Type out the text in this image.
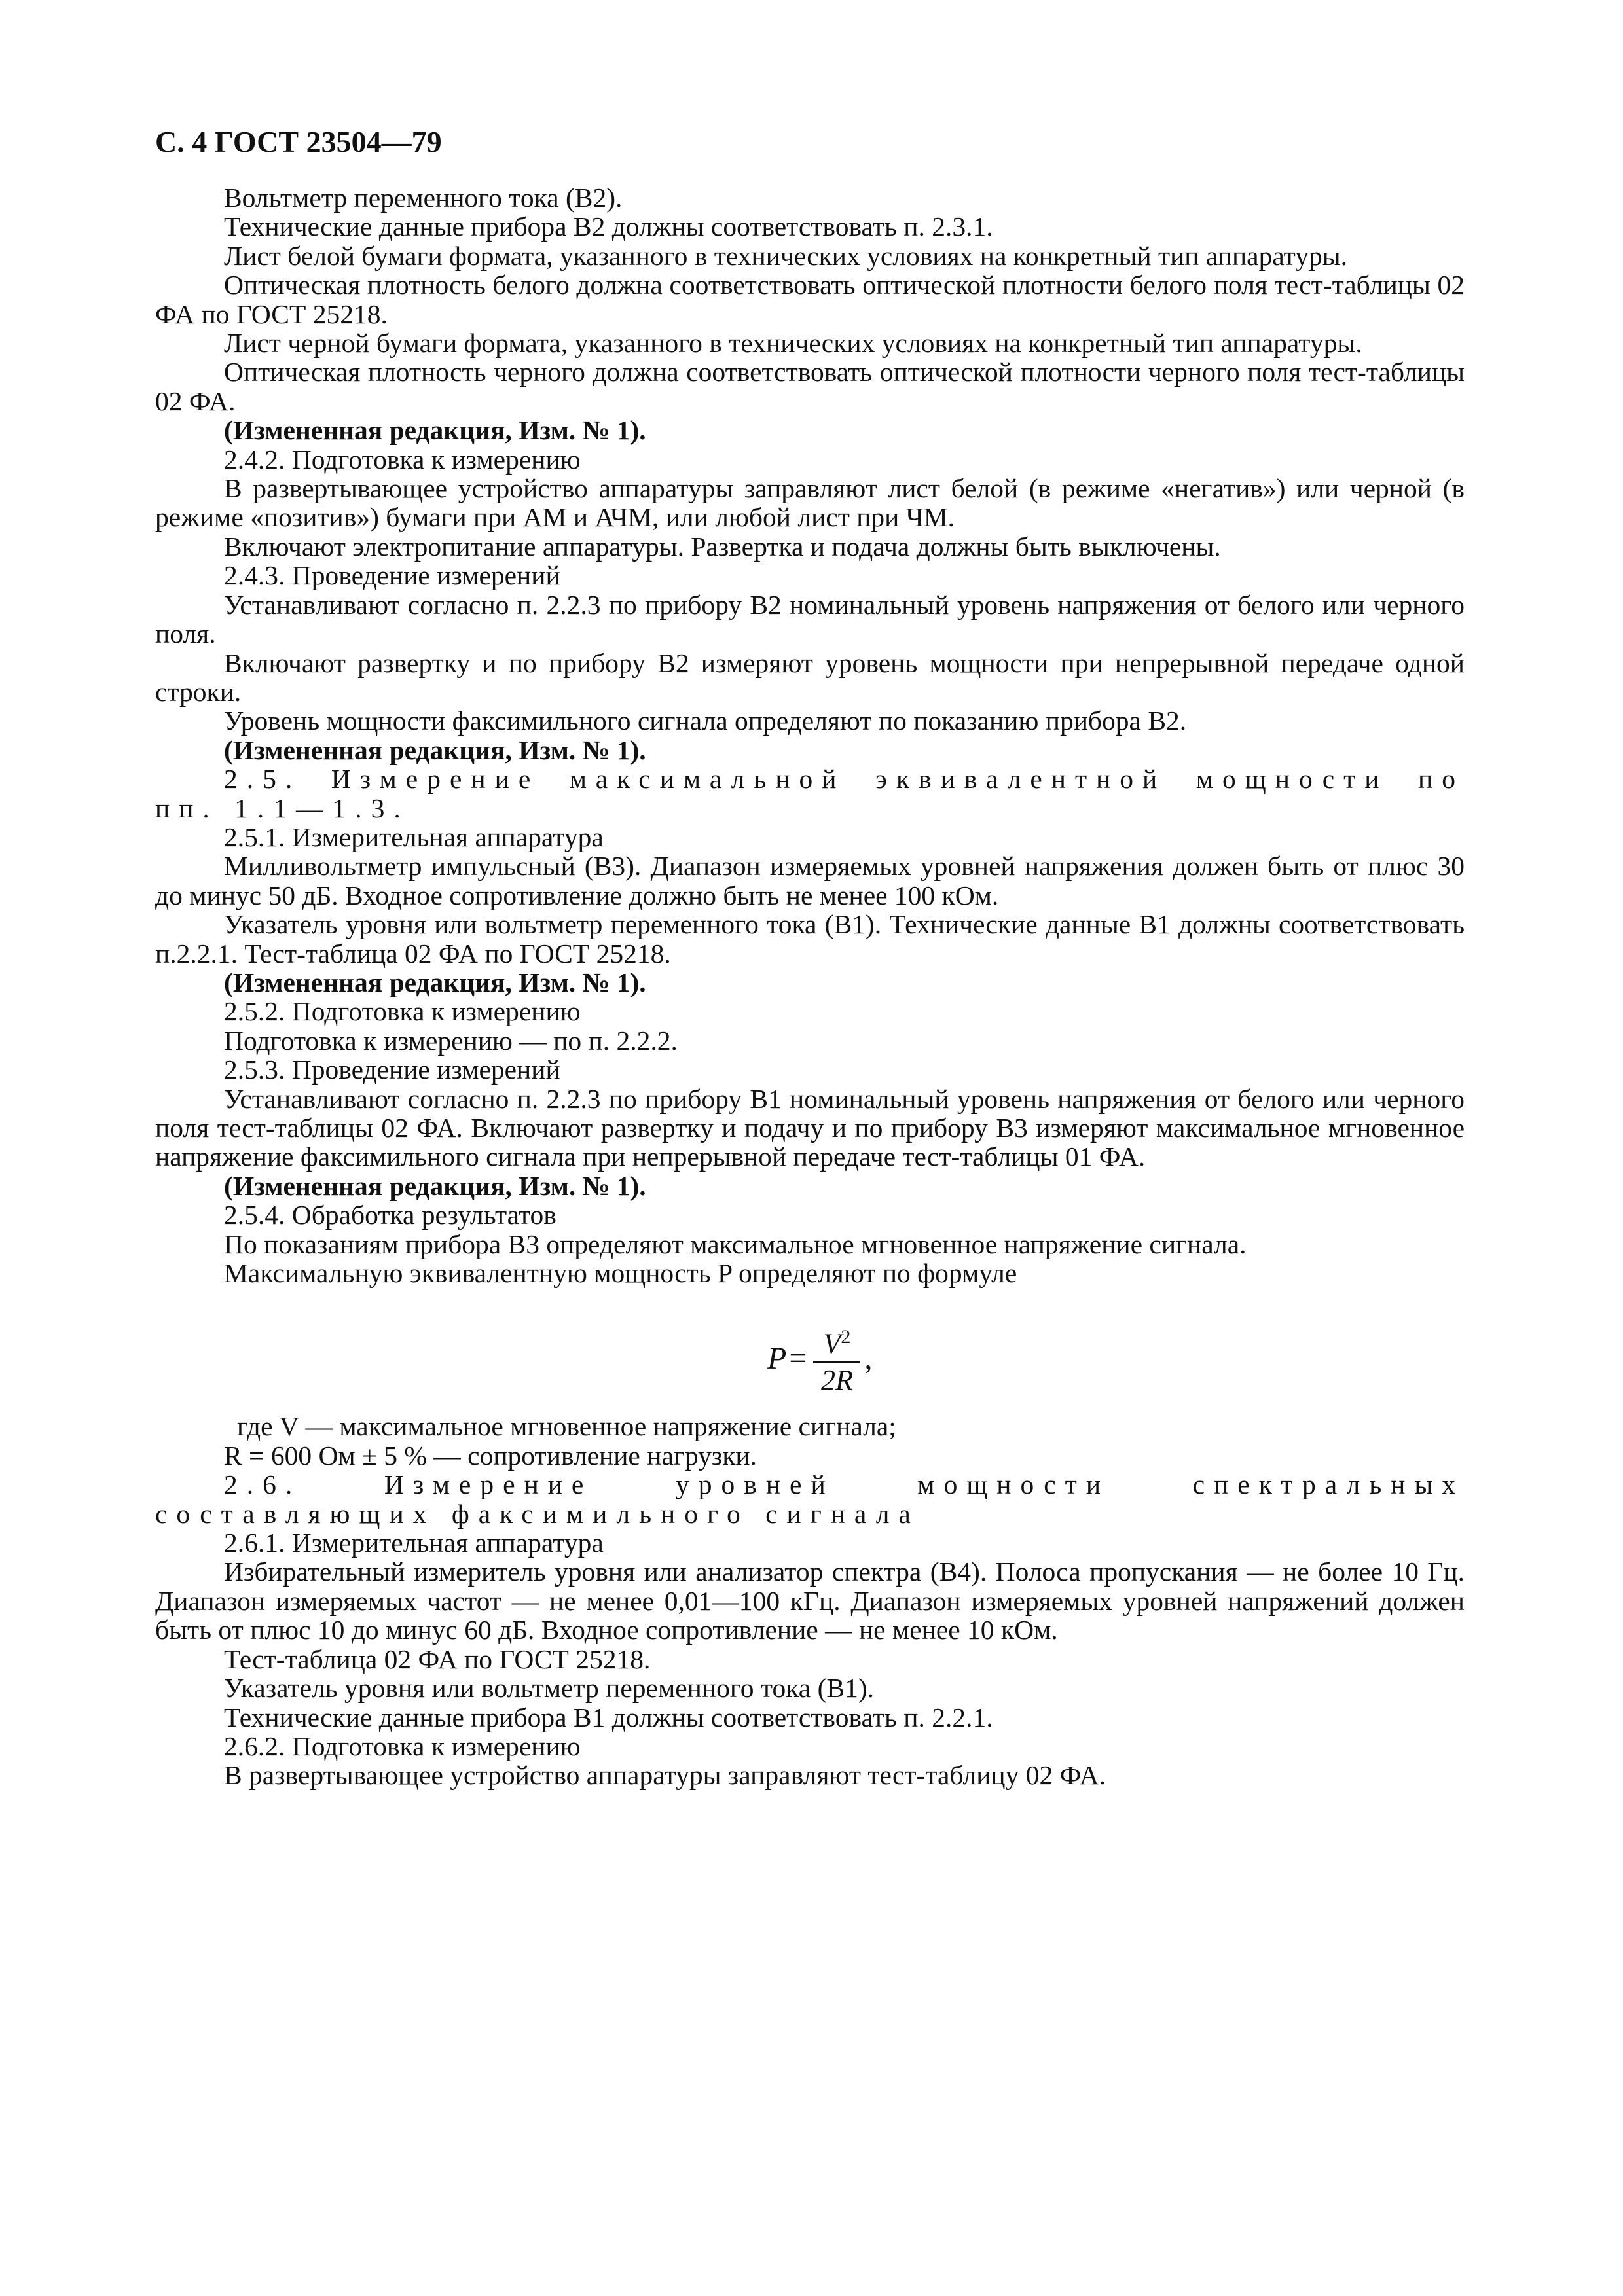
С. 4 ГОСТ 23504—79

Вольтметр переменного тока (В2).

Технические данные прибора В2 должны соответствовать п. 2.3.1.

Лист белой бумаги формата, указанного в технических условиях на конкретный тип аппаратуры.

Оптическая плотность белого должна соответствовать оптической плотности белого поля тест-таблицы 02 ФА по ГОСТ 25218.

Лист черной бумаги формата, указанного в технических условиях на конкретный тип аппаратуры.

Оптическая плотность черного должна соответствовать оптической плотности черного поля тест-таблицы 02 ФА.

(Измененная редакция, Изм. № 1).

2.4.2. Подготовка к измерению

В развертывающее устройство аппаратуры заправляют лист белой (в режиме «негатив») или черной (в режиме «позитив») бумаги при АМ и АЧМ, или любой лист при ЧМ.

Включают электропитание аппаратуры. Развертка и подача должны быть выключены.

2.4.3. Проведение измерений

Устанавливают согласно п. 2.2.3 по прибору В2 номинальный уровень напряжения от белого или черного поля.

Включают развертку и по прибору В2 измеряют уровень мощности при непрерывной передаче одной строки.

Уровень мощности факсимильного сигнала определяют по показанию прибора В2.

(Измененная редакция, Изм. № 1).

2.5. Измерение максимальной эквивалентной мощности по пп. 1.1—1.3.

2.5.1. Измерительная аппаратура

Милливольтметр импульсный (В3). Диапазон измеряемых уровней напряжения должен быть от плюс 30 до минус 50 дБ. Входное сопротивление должно быть не менее 100 кОм.

Указатель уровня или вольтметр переменного тока (В1). Технические данные В1 должны соответствовать п.2.2.1. Тест-таблица 02 ФА по ГОСТ 25218.

(Измененная редакция, Изм. № 1).

2.5.2. Подготовка к измерению

Подготовка к измерению — по п. 2.2.2.

2.5.3. Проведение измерений

Устанавливают согласно п. 2.2.3 по прибору В1 номинальный уровень напряжения от белого или черного поля тест-таблицы 02 ФА. Включают развертку и подачу и по прибору В3 измеряют максимальное мгновенное напряжение факсимильного сигнала при непрерывной передаче тест-таблицы 01 ФА.

(Измененная редакция, Изм. № 1).

2.5.4. Обработка результатов

По показаниям прибора В3 определяют максимальное мгновенное напряжение сигнала.

Максимальную эквивалентную мощность P определяют по формуле

$P = \frac{V^2}{2R}$ ,

где V — максимальное мгновенное напряжение сигнала;

R = 600 Ом ± 5 % — сопротивление нагрузки.

2.6. Измерение уровней мощности спектральных составляющих факсимильного сигнала

2.6.1. Измерительная аппаратура

Избирательный измеритель уровня или анализатор спектра (В4). Полоса пропускания — не более 10 Гц. Диапазон измеряемых частот — не менее 0,01—100 кГц. Диапазон измеряемых уровней напряжений должен быть от плюс 10 до минус 60 дБ. Входное сопротивление — не менее 10 кОм.

Тест-таблица 02 ФА по ГОСТ 25218.

Указатель уровня или вольтметр переменного тока (В1).

Технические данные прибора В1 должны соответствовать п. 2.2.1.

2.6.2. Подготовка к измерению

В развертывающее устройство аппаратуры заправляют тест-таблицу 02 ФА.
